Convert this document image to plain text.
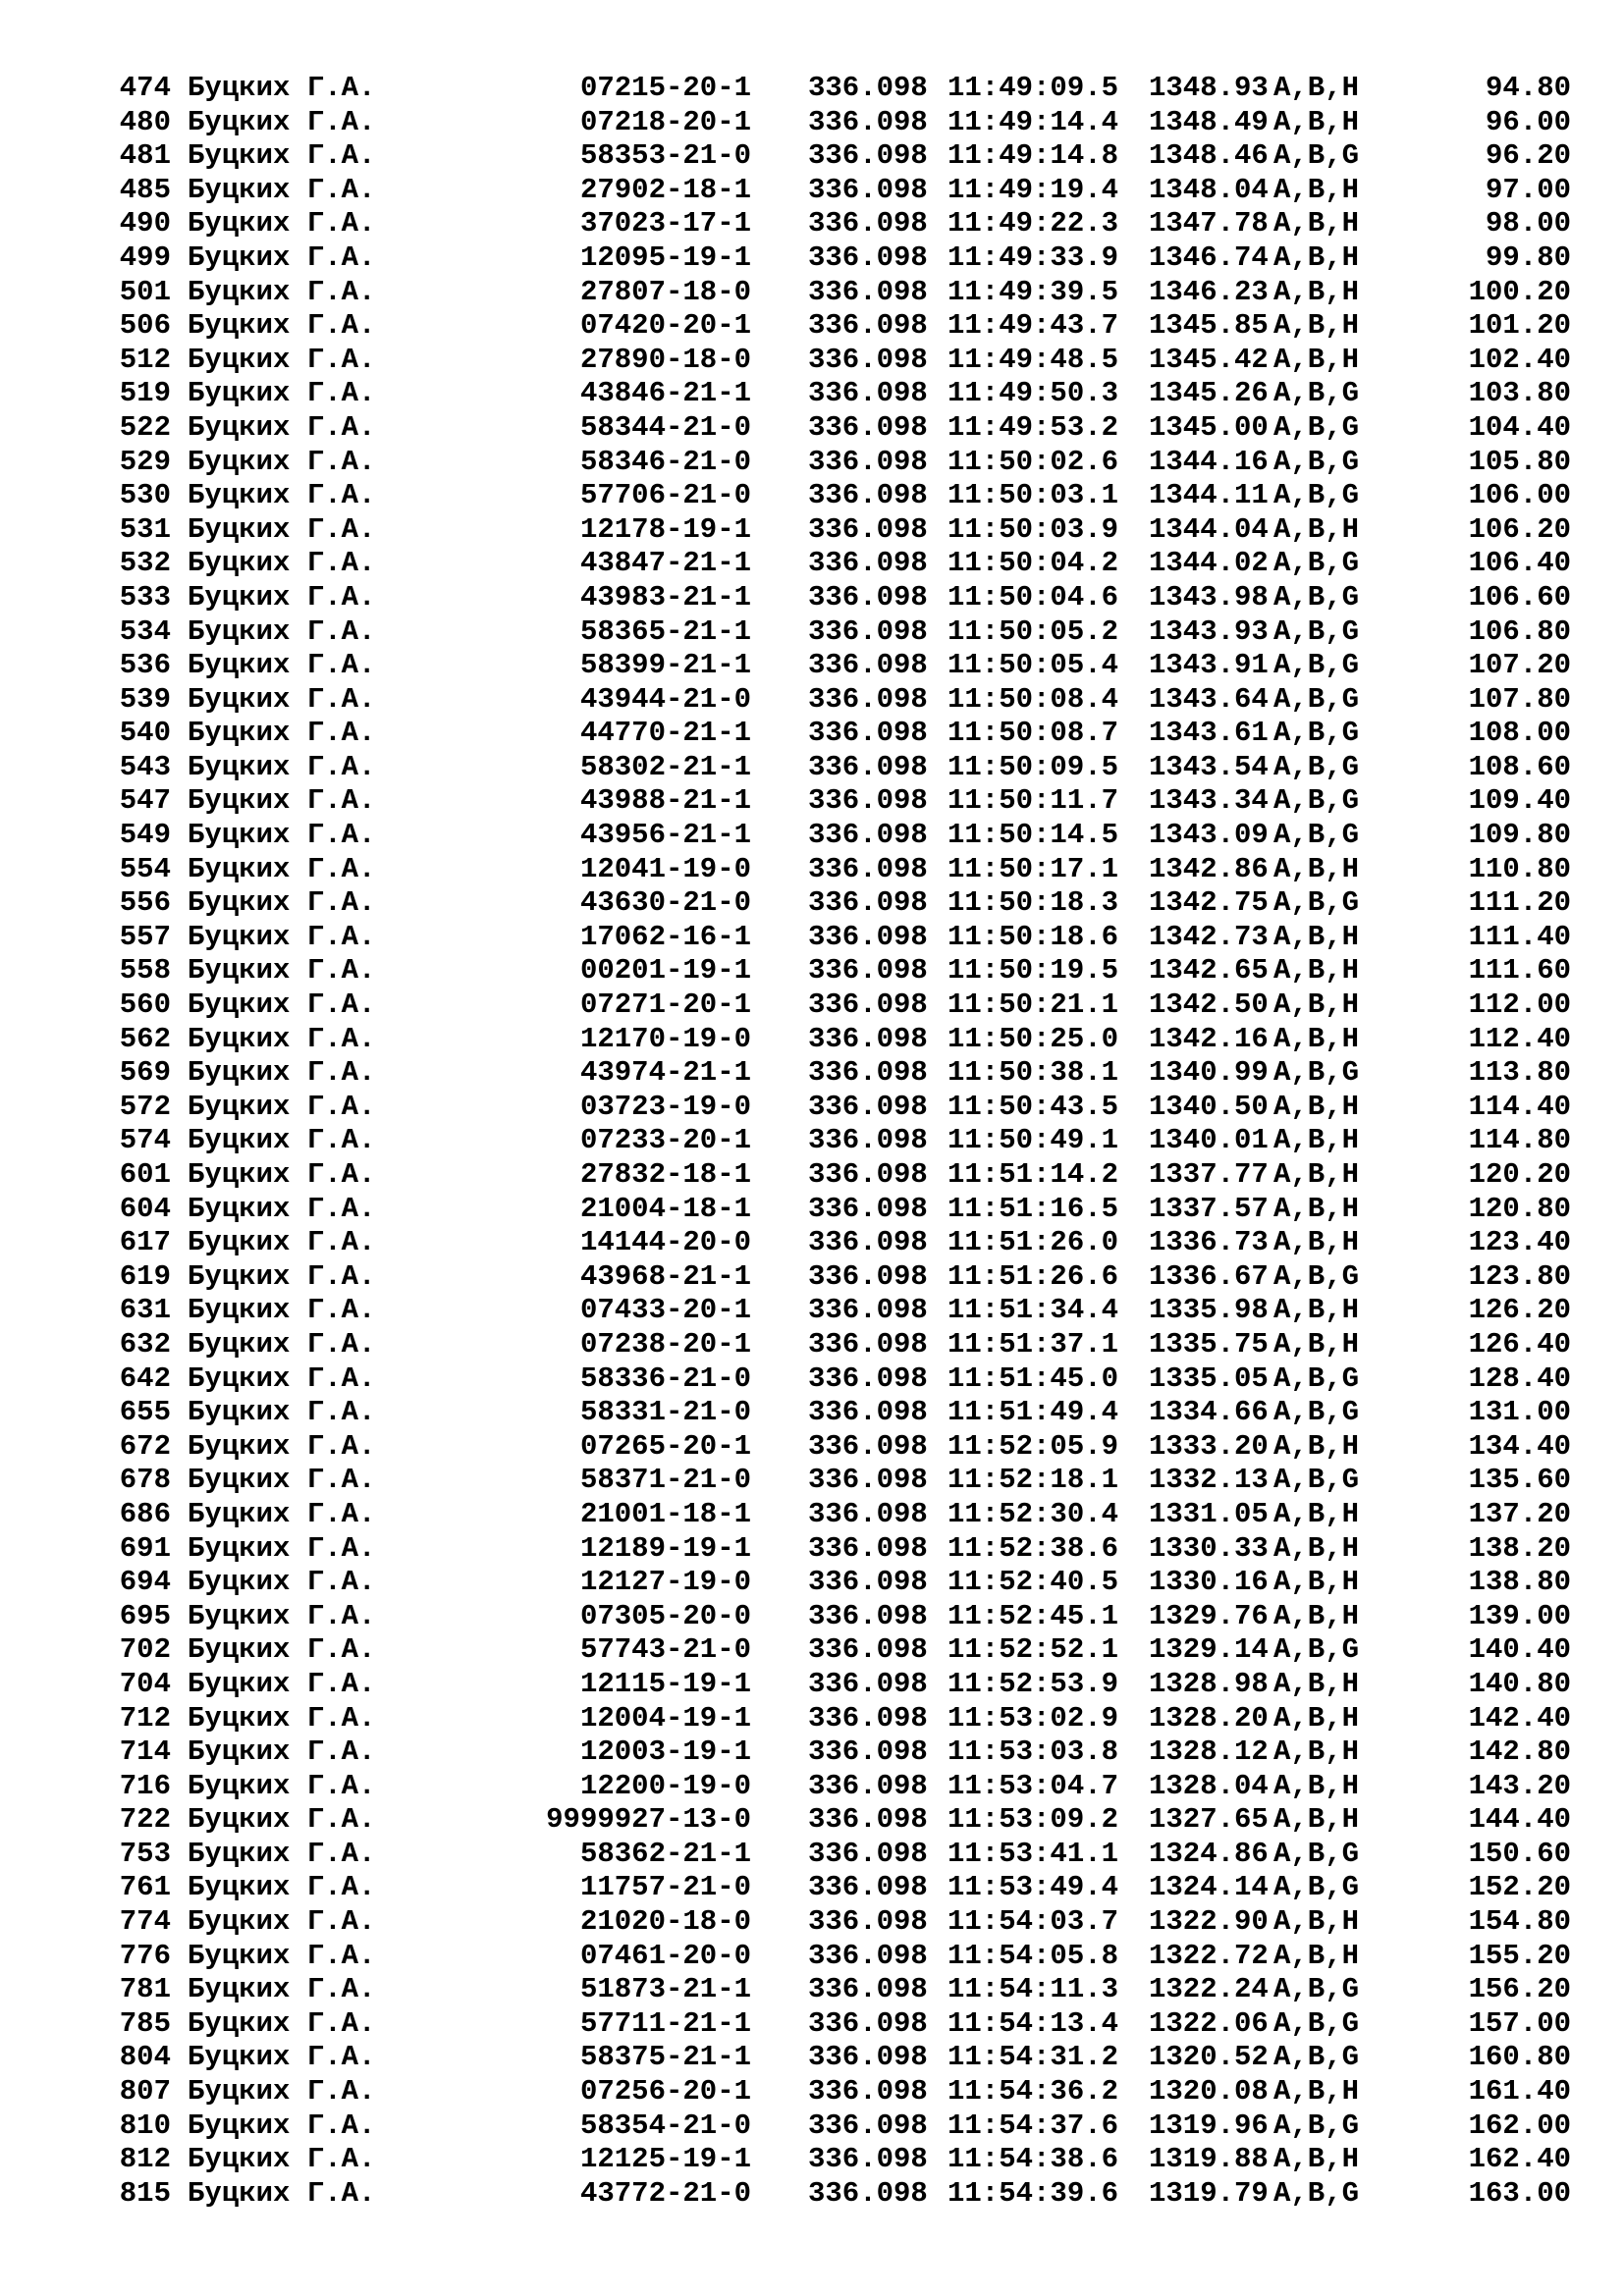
474 Буцких Г.А.	07215-20-1 336.098 11:49:09.5 1348.93 A,B,H	94.80
480 Буцких Г.А.	07218-20-1 336.098 11:49:14.4 1348.49 A,B,H	96.00
481 Буцких Г.А.	58353-21-0 336.098 11:49:14.8 1348.46 A,B,G	96.20
485 Буцких Г.А.	27902-18-1 336.098 11:49:19.4 1348.04 A,B,H	97.00
490 Буцких Г.А.	37023-17-1 336.098 11:49:22.3 1347.78 A,B,H	98.00
499 Буцких Г.А.	12095-19-1 336.098 11:49:33.9 1346.74 A,B,H	99.80
501 Буцких Г.А.	27807-18-0 336.098 11:49:39.5 1346.23 A,B,H	100.20
506 Буцких Г.А.	07420-20-1 336.098 11:49:43.7 1345.85 A,B,H	101.20
512 Буцких Г.А.	27890-18-0 336.098 11:49:48.5 1345.42 A,B,H	102.40
519 Буцких Г.А.	43846-21-1 336.098 11:49:50.3 1345.26 A,B,G	103.80
522 Буцких Г.А.	58344-21-0 336.098 11:49:53.2 1345.00 A,B,G	104.40
529 Буцких Г.А.	58346-21-0 336.098 11:50:02.6 1344.16 A,B,G	105.80
530 Буцких Г.А.	57706-21-0 336.098 11:50:03.1 1344.11 A,B,G	106.00
531 Буцких Г.А.	12178-19-1 336.098 11:50:03.9 1344.04 A,B,H	106.20
532 Буцких Г.А.	43847-21-1 336.098 11:50:04.2 1344.02 A,B,G	106.40
533 Буцких Г.А.	43983-21-1 336.098 11:50:04.6 1343.98 A,B,G	106.60
534 Буцких Г.А.	58365-21-1 336.098 11:50:05.2 1343.93 A,B,G	106.80
536 Буцких Г.А.	58399-21-1 336.098 11:50:05.4 1343.91 A,B,G	107.20
539 Буцких Г.А.	43944-21-0 336.098 11:50:08.4 1343.64 A,B,G	107.80
540 Буцких Г.А.	44770-21-1 336.098 11:50:08.7 1343.61 A,B,G	108.00
543 Буцких Г.А.	58302-21-1 336.098 11:50:09.5 1343.54 A,B,G	108.60
547 Буцких Г.А.	43988-21-1 336.098 11:50:11.7 1343.34 A,B,G	109.40
549 Буцких Г.А.	43956-21-1 336.098 11:50:14.5 1343.09 A,B,G	109.80
554 Буцких Г.А.	12041-19-0 336.098 11:50:17.1 1342.86 A,B,H	110.80
556 Буцких Г.А.	43630-21-0 336.098 11:50:18.3 1342.75 A,B,G	111.20
557 Буцких Г.А.	17062-16-1 336.098 11:50:18.6 1342.73 A,B,H	111.40
558 Буцких Г.А.	00201-19-1 336.098 11:50:19.5 1342.65 A,B,H	111.60
560 Буцких Г.А.	07271-20-1 336.098 11:50:21.1 1342.50 A,B,H	112.00
562 Буцких Г.А.	12170-19-0 336.098 11:50:25.0 1342.16 A,B,H	112.40
569 Буцких Г.А.	43974-21-1 336.098 11:50:38.1 1340.99 A,B,G	113.80
572 Буцких Г.А.	03723-19-0 336.098 11:50:43.5 1340.50 A,B,H	114.40
574 Буцких Г.А.	07233-20-1 336.098 11:50:49.1 1340.01 A,B,H	114.80
601 Буцких Г.А.	27832-18-1 336.098 11:51:14.2 1337.77 A,B,H	120.20
604 Буцких Г.А.	21004-18-1 336.098 11:51:16.5 1337.57 A,B,H	120.80
617 Буцких Г.А.	14144-20-0 336.098 11:51:26.0 1336.73 A,B,H	123.40
619 Буцких Г.А.	43968-21-1 336.098 11:51:26.6 1336.67 A,B,G	123.80
631 Буцких Г.А.	07433-20-1 336.098 11:51:34.4 1335.98 A,B,H	126.20
632 Буцких Г.А.	07238-20-1 336.098 11:51:37.1 1335.75 A,B,H	126.40
642 Буцких Г.А.	58336-21-0 336.098 11:51:45.0 1335.05 A,B,G	128.40
655 Буцких Г.А.	58331-21-0 336.098 11:51:49.4 1334.66 A,B,G	131.00
672 Буцких Г.А.	07265-20-1 336.098 11:52:05.9 1333.20 A,B,H	134.40
678 Буцких Г.А.	58371-21-0 336.098 11:52:18.1 1332.13 A,B,G	135.60
686 Буцких Г.А.	21001-18-1 336.098 11:52:30.4 1331.05 A,B,H	137.20
691 Буцких Г.А.	12189-19-1 336.098 11:52:38.6 1330.33 A,B,H	138.20
694 Буцких Г.А.	12127-19-0 336.098 11:52:40.5 1330.16 A,B,H	138.80
695 Буцких Г.А.	07305-20-0 336.098 11:52:45.1 1329.76 A,B,H	139.00
702 Буцких Г.А.	57743-21-0 336.098 11:52:52.1 1329.14 A,B,G	140.40
704 Буцких Г.А.	12115-19-1 336.098 11:52:53.9 1328.98 A,B,H	140.80
712 Буцких Г.А.	12004-19-1 336.098 11:53:02.9 1328.20 A,B,H	142.40
714 Буцких Г.А.	12003-19-1 336.098 11:53:03.8 1328.12 A,B,H	142.80
716 Буцких Г.А.	12200-19-0 336.098 11:53:04.7 1328.04 A,B,H	143.20
722 Буцких Г.А.	9999927-13-0 336.098 11:53:09.2 1327.65 A,B,H	144.40
753 Буцких Г.А.	58362-21-1 336.098 11:53:41.1 1324.86 A,B,G	150.60
761 Буцких Г.А.	11757-21-0 336.098 11:53:49.4 1324.14 A,B,G	152.20
774 Буцких Г.А.	21020-18-0 336.098 11:54:03.7 1322.90 A,B,H	154.80
776 Буцких Г.А.	07461-20-0 336.098 11:54:05.8 1322.72 A,B,H	155.20
781 Буцких Г.А.	51873-21-1 336.098 11:54:11.3 1322.24 A,B,G	156.20
785 Буцких Г.А.	57711-21-1 336.098 11:54:13.4 1322.06 A,B,G	157.00
804 Буцких Г.А.	58375-21-1 336.098 11:54:31.2 1320.52 A,B,G	160.80
807 Буцких Г.А.	07256-20-1 336.098 11:54:36.2 1320.08 A,B,H	161.40
810 Буцких Г.А.	58354-21-0 336.098 11:54:37.6 1319.96 A,B,G	162.00
812 Буцких Г.А.	12125-19-1 336.098 11:54:38.6 1319.88 A,B,H	162.40
815 Буцких Г.А.	43772-21-0 336.098 11:54:39.6 1319.79 A,B,G	163.00
